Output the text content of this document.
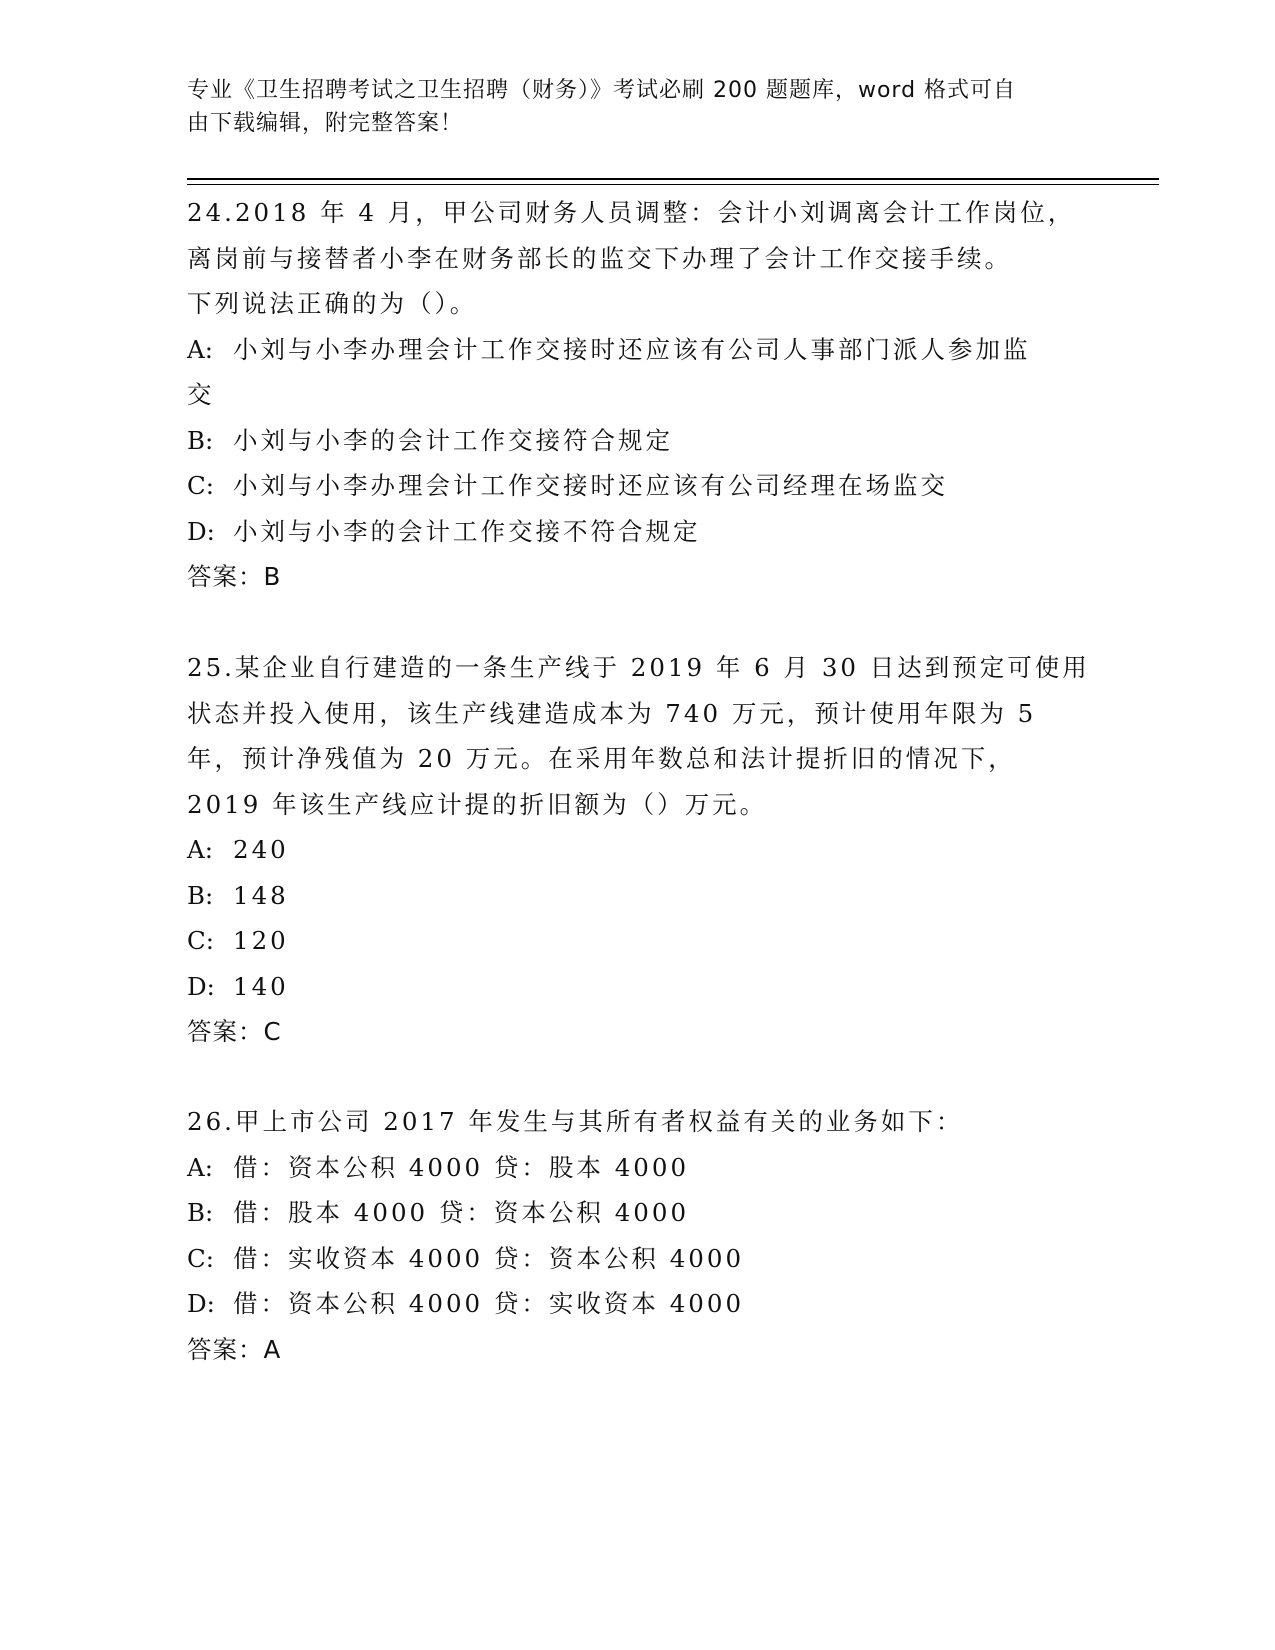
专业《卫生招聘考试之卫生招聘（财务）》考试必刷 200 题题库，word 格式可自

由下载编辑，附完整答案！

24.2018 年 4 月，甲公司财务人员调整：会计小刘调离会计工作岗位，

离岗前与接替者小李在财务部长的监交下办理了会计工作交接手续。

下列说法正确的为（）。

A: 小刘与小李办理会计工作交接时还应该有公司人事部门派人参加监
交
B: 小刘与小李的会计工作交接符合规定
C: 小刘与小李办理会计工作交接时还应该有公司经理在场监交
D: 小刘与小李的会计工作交接不符合规定
答案：B

25.某企业自行建造的一条生产线于 2019 年 6 月 30 日达到预定可使用

状态并投入使用，该生产线建造成本为 740 万元，预计使用年限为 5

年，预计净残值为 20 万元。在采用年数总和法计提折旧的情况下，

2019 年该生产线应计提的折旧额为（）万元。

A: 240
B: 148
C: 120
D: 140
答案：C

26.甲上市公司 2017 年发生与其所有者权益有关的业务如下：

A: 借：资本公积 4000 贷：股本 4000
B: 借：股本 4000 贷：资本公积 4000
C: 借：实收资本 4000 贷：资本公积 4000
D: 借：资本公积 4000 贷：实收资本 4000
答案：A
